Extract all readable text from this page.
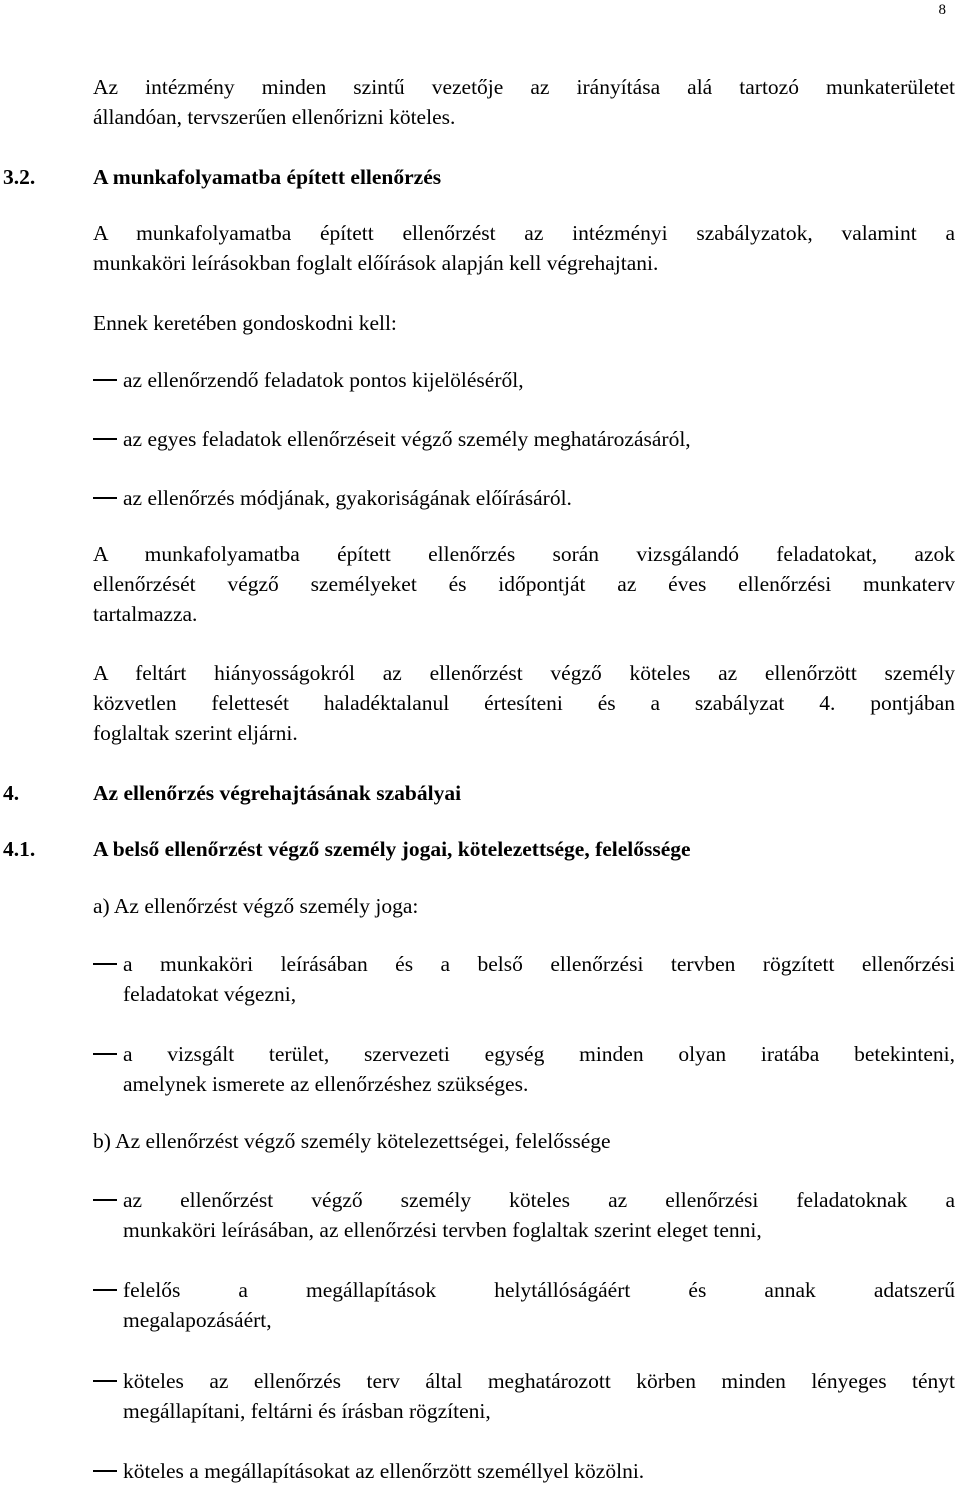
8
Az intézmény minden szintű vezetője az irányítása alá tartozó munkaterületet
állandóan, tervszerűen ellenőrizni köteles.
3.2.	A munkafolyamatba épített ellenőrzés
A munkafolyamatba épített ellenőrzést az intézményi szabályzatok, valamint a
munkaköri leírásokban foglalt előírások alapján kell végrehajtani.
Ennek keretében gondoskodni kell:
az ellenőrzendő feladatok pontos kijelöléséről,
az egyes feladatok ellenőrzéseit végző személy meghatározásáról,
az ellenőrzés módjának, gyakoriságának előírásáról.
A munkafolyamatba épített ellenőrzés során vizsgálandó feladatokat, azok
ellenőrzését végző személyeket és időpontját az éves ellenőrzési munkaterv
tartalmazza.
A feltárt hiányosságokról az ellenőrzést végző köteles az ellenőrzött személy
közvetlen felettesét haladéktalanul értesíteni és a szabályzat 4. pontjában
foglaltak szerint eljárni.
4.	Az ellenőrzés végrehajtásának szabályai
4.1.	A belső ellenőrzést végző személy jogai, kötelezettsége, felelőssége
a) Az ellenőrzést végző személy joga:
a munkaköri leírásában és a belső ellenőrzési tervben rögzített ellenőrzési
feladatokat végezni,
a vizsgált terület, szervezeti egység minden olyan iratába betekinteni,
amelynek ismerete az ellenőrzéshez szükséges.
b) Az ellenőrzést végző személy kötelezettségei, felelőssége
az ellenőrzést végző személy köteles az ellenőrzési feladatoknak a
munkaköri leírásában, az ellenőrzési tervben foglaltak szerint eleget tenni,
felelős a megállapítások helytállóságáért és annak adatszerű
megalapozásáért,
köteles az ellenőrzés terv által meghatározott körben minden lényeges tényt
megállapítani, feltárni és írásban rögzíteni,
köteles a megállapításokat az ellenőrzött személlyel közölni.
